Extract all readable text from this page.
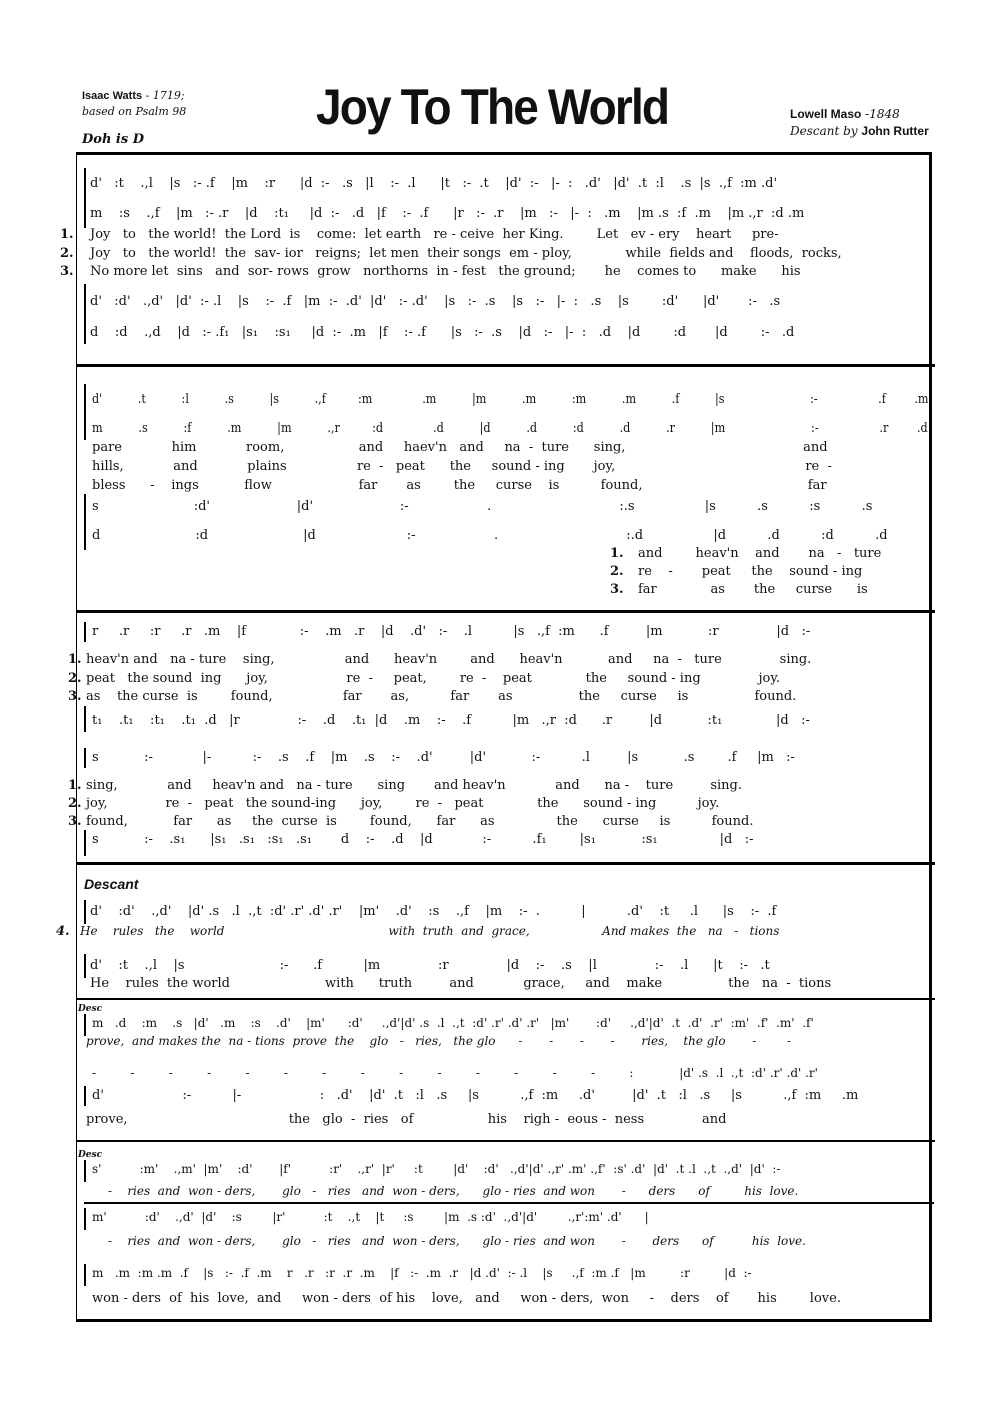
Isaac Watts - 1719;
based on Psalm 98
Doh is D
Joy To The World	Lowell Maso -1848
Descant by John Rutter
d'   :t    .,l    |s   :- .f    |m    :r      |d  :-   .s   |l    :-  .l      |t   :-  .t    |d'  :-   |-  :   .d'   |d'  .t  :l    .s  |s  .,f  :m .d'
m    :s    .,f    |m   :- .r    |d    :t₁     |d  :-   .d   |f    :-  .f      |r   :-  .r    |m   :-   |-  :   .m    |m .s  :f  .m    |m .,r  :d .m
1.
2.
3.
Joy   to   the world!  the Lord  is    come:  let earth   re - ceive  her King.        Let   ev - ery    heart     pre-
Joy   to   the world!  the  sav- ior   reigns;  let men  their songs  em - ploy,             while  fields and    floods,  rocks,
No more let  sins   and  sor- rows  grow   northorns  in - fest   the ground;       he    comes to      make      his
d'   :d'   .,d'   |d'  :- .l    |s    :-  .f   |m  :-  .d'  |d'   :- .d'    |s   :-  .s    |s   :-   |-  :   .s    |s        :d'      |d'       :-   .s
d    :d    .,d    |d   :- .f₁   |s₁    :s₁     |d  :-  .m   |f    :- .f      |s   :-  .s    |d   :-   |-  :   .d    |d        :d       |d        :-   .d
d'          .t          :l          .s          |s          .,f         :m              .m          |m          .m          :m          .m          .f          |s                        :-                 .f        .m
m          .s          :f          .m          |m          .,r         :d              .d          |d          .d          :d          .d          .r          |m                        :-                 .r        .d
pare            him            room,                  and     haev'n   and     na  -  ture      sing,                                           and
hills,            and            plains                 re  -   peat      the     sound - ing       joy,                                              re  -
bless      -    ings           flow                     far       as        the     curse    is          found,                                        far
s                       :d'                     |d'                     :-                   .                               :.s                 |s          .s          :s          .s
d                       :d                       |d                      :-                   .                               :.d                 |d          .d          :d          .d
1.
2.
3.
and        heav'n    and       na   -   ture
re    -       peat     the    sound - ing
far             as       the     curse      is
r     .r     :r     .r   .m    |f             :-    .m   .r    |d    .d'   :-    .l          |s   .,f  :m      .f         |m           :r              |d   :-
1.
2.
3.
heav'n and   na - ture    sing,                 and      heav'n        and      heav'n           and     na  -   ture              sing.
peat   the sound  ing      joy,                   re  -     peat,        re  -    peat             the     sound - ing              joy.
as    the curse  is        found,                 far       as,          far       as                the     curse     is                found.
t₁    .t₁    :t₁    .t₁  .d   |r              :-    .d    .t₁  |d    .m    :-    .f          |m   .,r  :d      .r         |d           :t₁             |d   :-
s           :-            |-          :-    .s    .f    |m    .s    :-    .d'         |d'           :-          .l         |s           .s        .f     |m   :-
1.
2.
3.
sing,            and     heav'n and   na - ture      sing       and heav'n            and      na -    ture         sing.
joy,              re  -   peat   the sound-ing      joy,        re  -   peat             the      sound - ing          joy.
found,           far      as     the  curse  is        found,      far      as               the      curse     is          found.
s           :-    .s₁      |s₁   .s₁   :s₁   .s₁       d    :-    .d    |d            :-          .f₁        |s₁           :s₁               |d   :-
Descant
d'    :d'    .,d'    |d' .s   .l  .,t  :d' .r' .d' .r'    |m'    .d'    :s    .,f    |m    :-  .          |          .d'    :t     .l      |s    :-  .f
4. He    rules   the    world                                           with  truth  and  grace,                   And makes  the   na   -   tions
d'    :t    .,l    |s                       :-      .f          |m              :r              |d    :-    .s    |l              :-    .l      |t    :-   .t
He    rules  the world                       with      truth         and            grace,     and    make                the   na  -  tions
Desc
m   .d    :m    .s   |d'   .m    :s    .d'    |m'      :d'     .,d'|d' .s  .l  .,t  :d' .r' .d' .r'   |m'       :d'     .,d'|d'  .t  .d'  .r'  :m'  .f'  .m'  .f'
prove,  and makes the  na - tions  prove  the    glo   -   ries,   the glo      -       -       -       -       ries,    the glo       -        -
-         -         -         -         -         -         -         -         -         -         -         -         -         -         :            |d' .s  .l  .,t  :d' .r' .d' .r'
d'                   :-          |-                   :   .d'    |d'  .t   :l   .s     |s          .,f  :m     .d'         |d'  .t   :l   .s     |s          .,f  :m     .m
prove,                                       the   glo  -  ries   of                  his    righ -  eous -  ness              and
Desc
s'          :m'    .,m'  |m'    :d'       |f'          :r'    .,r'  |r'     :t        |d'    :d'   .,d'|d' .,r' .m' .,f'  :s' .d'  |d'  .t .l  .,t  .,d'  |d'  :-
-    ries  and  won - ders,       glo   -   ries   and  won - ders,      glo - ries  and won       -      ders      of         his  love.
m'          :d'    .,d'  |d'    :s        |r'          :t    .,t    |t     :s        |m  .s :d'  .,d'|d'        .,r':m' .d'      |
-    ries  and  won - ders,       glo   -   ries   and  won - ders,      glo - ries  and won       -       ders      of          his  love.
m   .m  :m .m  .f    |s   :-  .f  .m    r   .r   :r  .r  .m    |f   :-  .m  .r   |d .d'  :- .l    |s     .,f  :m .f   |m         :r         |d  :-
won - ders  of  his  love,  and     won - ders  of his    love,   and     won - ders,  won     -    ders    of       his        love.
